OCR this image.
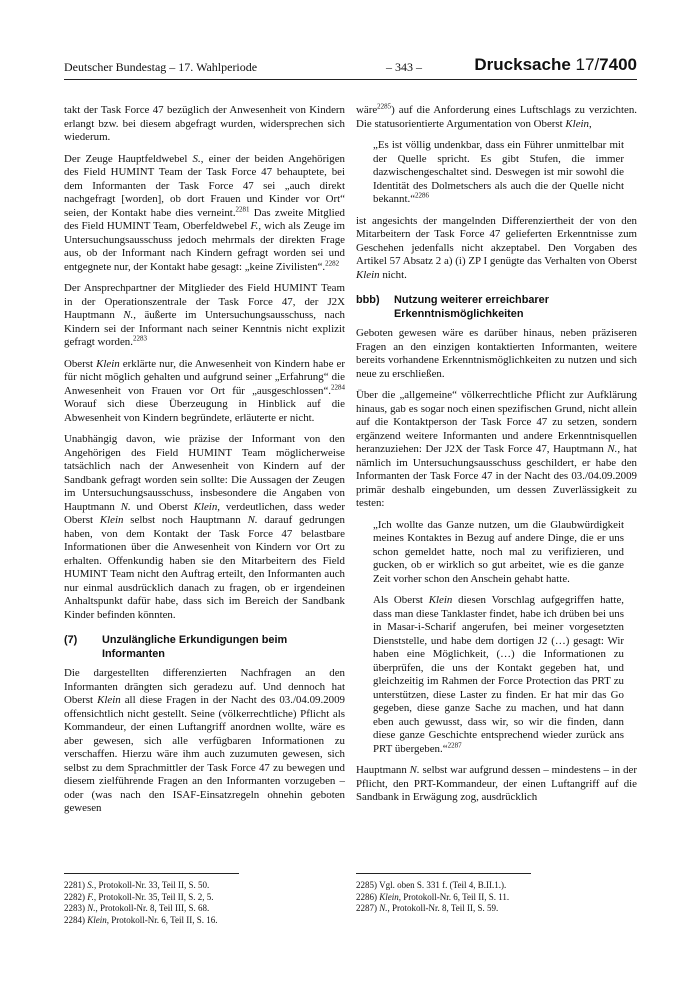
Deutscher Bundestag – 17. Wahlperiode	– 343 –	Drucksache 17/7400

takt der Task Force 47 bezüglich der Anwesenheit von Kindern erlangt bzw. bei diesem abgefragt wurden, widersprechen sich wiederum.

Der Zeuge Hauptfeldwebel S., einer der beiden Angehörigen des Field HUMINT Team der Task Force 47 behauptete, bei dem Informanten der Task Force 47 sei „auch direkt nachgefragt [worden], ob dort Frauen und Kinder vor Ort“ seien, der Kontakt habe dies verneint.$^{2281}$ Das zweite Mitglied des Field HUMINT Team, Oberfeldwebel F., wich als Zeuge im Untersuchungsausschuss jedoch mehrmals der direkten Frage aus, ob der Informant nach Kindern gefragt worden sei und entgegnete nur, der Kontakt habe gesagt: „keine Zivilisten“.$^{2282}$

Der Ansprechpartner der Mitglieder des Field HUMINT Team in der Operationszentrale der Task Force 47, der J2X Hauptmann N., äußerte im Untersuchungsausschuss, nach Kindern sei der Informant nach seiner Kenntnis nicht explizit gefragt worden.$^{2283}$

Oberst Klein erklärte nur, die Anwesenheit von Kindern habe er für nicht möglich gehalten und aufgrund seiner „Erfahrung“ die Anwesenheit von Frauen vor Ort für „ausgeschlossen“.$^{2284}$ Worauf sich diese Überzeugung in Hinblick auf die Abwesenheit von Kindern begründete, erläuterte er nicht.

Unabhängig davon, wie präzise der Informant von den Angehörigen des Field HUMINT Team möglicherweise tatsächlich nach der Anwesenheit von Kindern auf der Sandbank gefragt worden sein sollte: Die Aussagen der Zeugen im Untersuchungsausschuss, insbesondere die Angaben von Hauptmann N. und Oberst Klein, verdeutlichen, dass weder Oberst Klein selbst noch Hauptmann N. darauf gedrungen haben, von dem Kontakt der Task Force 47 belastbare Informationen über die Anwesenheit von Kindern vor Ort zu erhalten. Offenkundig haben sie den Mitarbeitern des Field HUMINT Team nicht den Auftrag erteilt, den Informanten auch nur einmal ausdrücklich danach zu fragen, ob er irgendeinen Anhaltspunkt dafür habe, dass sich im Bereich der Sandbank Kinder befinden könnten.

(7)	Unzulängliche Erkundigungen beim Informanten

Die dargestellten differenzierten Nachfragen an den Informanten drängten sich geradezu auf. Und dennoch hat Oberst Klein all diese Fragen in der Nacht des 03./04.09.2009 offensichtlich nicht gestellt. Seine (völkerrechtliche) Pflicht als Kommandeur, der einen Luftangriff anordnen wollte, wäre es aber gewesen, sich alle verfügbaren Informationen zu verschaffen. Hierzu wäre ihm auch zuzumuten gewesen, sich selbst zu dem Sprachmittler der Task Force 47 zu bewegen und diesem zielführende Fragen an den Informanten vorzugeben – oder (was nach den ISAF-Einsatzregeln ohnehin geboten gewesen

wäre$^{2285}$) auf die Anforderung eines Luftschlags zu verzichten. Die statusorientierte Argumentation von Oberst Klein,

„Es ist völlig undenkbar, dass ein Führer unmittelbar mit der Quelle spricht. Es gibt Stufen, die immer dazwischengeschaltet sind. Deswegen ist mir sowohl die Identität des Dolmetschers als auch die der Quelle nicht bekannt.“$^{2286}$

ist angesichts der mangelnden Differenziertheit der von den Mitarbeitern der Task Force 47 gelieferten Erkenntnisse zum Geschehen jedenfalls nicht akzeptabel. Den Vorgaben des Artikel 57 Absatz 2 a) (i) ZP I genügte das Verhalten von Oberst Klein nicht.

bbb)	Nutzung weiterer erreichbarer Erkenntnismöglichkeiten

Geboten gewesen wäre es darüber hinaus, neben präziseren Fragen an den einzigen kontaktierten Informanten, weitere bereits vorhandene Erkenntnismöglichkeiten zu nutzen und sich neue zu erschließen.

Über die „allgemeine“ völkerrechtliche Pflicht zur Aufklärung hinaus, gab es sogar noch einen spezifischen Grund, nicht allein auf die Kontaktperson der Task Force 47 zu setzen, sondern ergänzend weitere Informanten und andere Erkenntnisquellen heranzuziehen: Der J2X der Task Force 47, Hauptmann N., hat nämlich im Untersuchungsausschuss geschildert, er habe den Informanten der Task Force 47 in der Nacht des 03./04.09.2009 primär deshalb eingebunden, um dessen Zuverlässigkeit zu testen:

„Ich wollte das Ganze nutzen, um die Glaubwürdigkeit meines Kontaktes in Bezug auf andere Dinge, die er uns schon gemeldet hatte, noch mal zu verifizieren, und gucken, ob er wirklich so gut arbeitet, wie es die ganze Zeit vorher schon den Anschein gehabt hatte.

Als Oberst Klein diesen Vorschlag aufgegriffen hatte, dass man diese Tanklaster findet, habe ich drüben bei uns in Masar-i-Scharif angerufen, bei meiner vorgesetzten Dienststelle, und habe dem dortigen J2 (…) gesagt: Wir haben eine Möglichkeit, (…) die Informationen zu überprüfen, die uns der Kontakt gegeben hat, und gleichzeitig im Rahmen der Force Protection das PRT zu unterstützen, diese Laster zu finden. Er hat mir das Go gegeben, diese ganze Sache zu machen, und hat dann eben auch gewusst, dass wir, so wir die finden, dann diese ganze Geschichte entsprechend wieder zurück ans PRT übergeben.“$^{2287}$

Hauptmann N. selbst war aufgrund dessen – mindestens – in der Pflicht, den PRT-Kommandeur, der einen Luftangriff auf die Sandbank in Erwägung zog, ausdrücklich

2281) S., Protokoll-Nr. 33, Teil II, S. 50.
2282) F., Protokoll-Nr. 35, Teil II, S. 2, 5.
2283) N., Protokoll-Nr. 8, Teil III, S. 68.
2284) Klein, Protokoll-Nr. 6, Teil II, S. 16.
2285) Vgl. oben S. 331 f. (Teil 4, B.II.1.).
2286) Klein, Protokoll-Nr. 6, Teil II, S. 11.
2287) N., Protokoll-Nr. 8, Teil II, S. 59.
